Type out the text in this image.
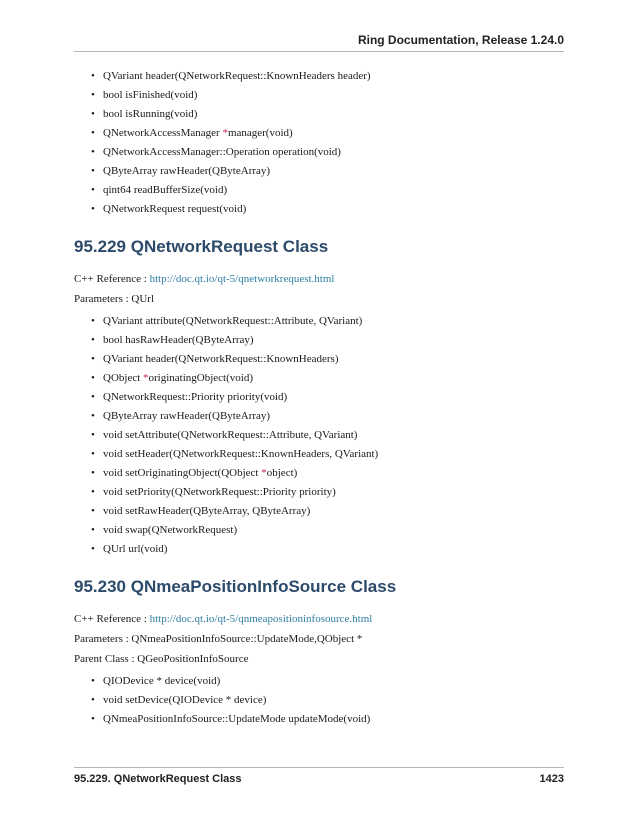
Ring Documentation, Release 1.24.0
• QVariant header(QNetworkRequest::KnownHeaders header)
• bool isFinished(void)
• bool isRunning(void)
• QNetworkAccessManager *manager(void)
• QNetworkAccessManager::Operation operation(void)
• QByteArray rawHeader(QByteArray)
• qint64 readBufferSize(void)
• QNetworkRequest request(void)
95.229 QNetworkRequest Class

C++ Reference : http://doc.qt.io/qt-5/qnetworkrequest.html

Parameters : QUrl

• QVariant attribute(QNetworkRequest::Attribute, QVariant)
• bool hasRawHeader(QByteArray)
• QVariant header(QNetworkRequest::KnownHeaders)
• QObject *originatingObject(void)
• QNetworkRequest::Priority priority(void)
• QByteArray rawHeader(QByteArray)
• void setAttribute(QNetworkRequest::Attribute, QVariant)
• void setHeader(QNetworkRequest::KnownHeaders, QVariant)
• void setOriginatingObject(QObject *object)
• void setPriority(QNetworkRequest::Priority priority)
• void setRawHeader(QByteArray, QByteArray)
• void swap(QNetworkRequest)
• QUrl url(void)
95.230 QNmeaPositionInfoSource Class

C++ Reference : http://doc.qt.io/qt-5/qnmeapositioninfosource.html

Parameters : QNmeaPositionInfoSource::UpdateMode,QObject *

Parent Class : QGeoPositionInfoSource

• QIODevice * device(void)
• void setDevice(QIODevice * device)
• QNmeaPositionInfoSource::UpdateMode updateMode(void)
95.229. QNetworkRequest Class	1423
